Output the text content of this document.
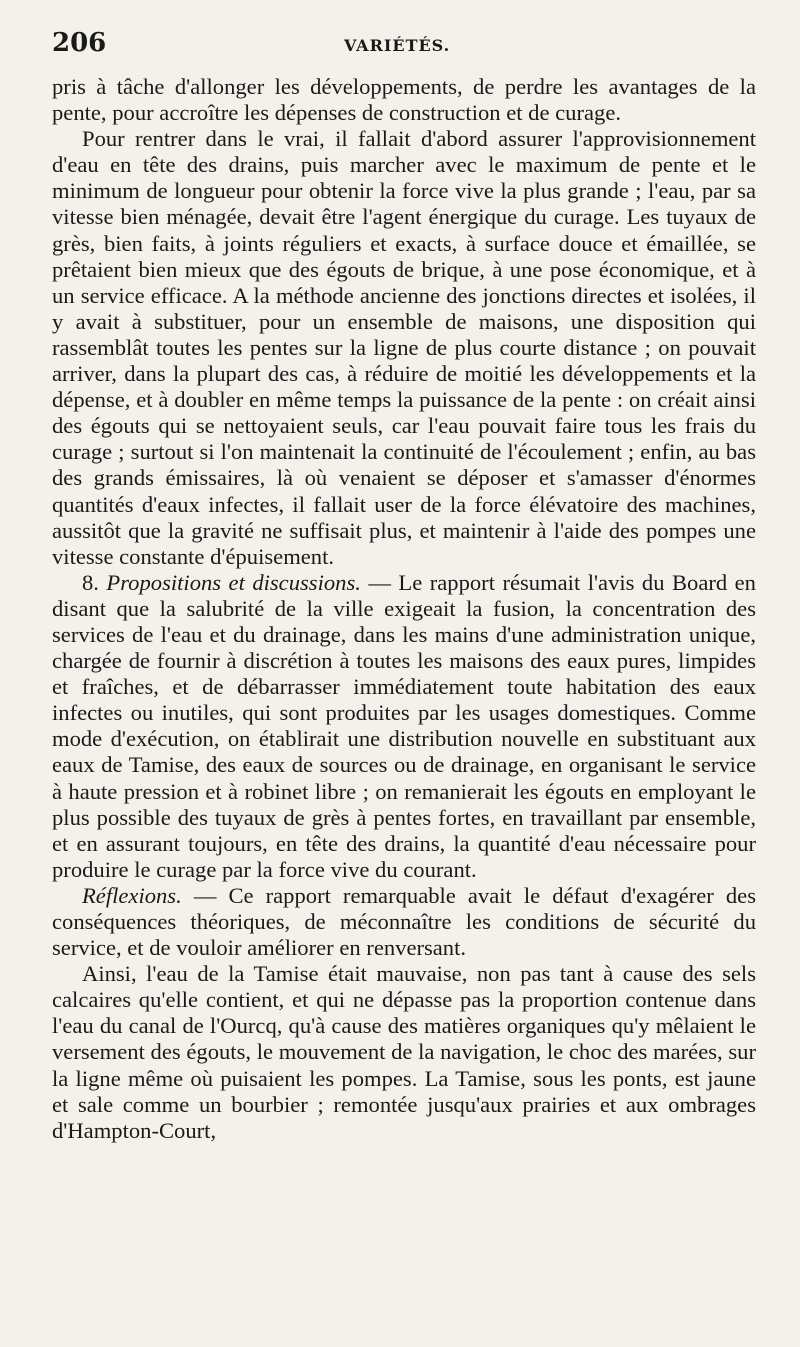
206	VARIÉTÉS.

pris à tâche d'allonger les développements, de perdre les avantages de la pente, pour accroître les dépenses de construction et de curage.

Pour rentrer dans le vrai, il fallait d'abord assurer l'approvisionnement d'eau en tête des drains, puis marcher avec le maximum de pente et le minimum de longueur pour obtenir la force vive la plus grande ; l'eau, par sa vitesse bien ménagée, devait être l'agent énergique du curage. Les tuyaux de grès, bien faits, à joints réguliers et exacts, à surface douce et émaillée, se prêtaient bien mieux que des égouts de brique, à une pose économique, et à un service efficace. A la méthode ancienne des jonctions directes et isolées, il y avait à substituer, pour un ensemble de maisons, une disposition qui rassemblât toutes les pentes sur la ligne de plus courte distance ; on pouvait arriver, dans la plupart des cas, à réduire de moitié les développements et la dépense, et à doubler en même temps la puissance de la pente : on créait ainsi des égouts qui se nettoyaient seuls, car l'eau pouvait faire tous les frais du curage ; surtout si l'on maintenait la continuité de l'écoulement ; enfin, au bas des grands émissaires, là où venaient se déposer et s'amasser d'énormes quantités d'eaux infectes, il fallait user de la force élévatoire des machines, aussitôt que la gravité ne suffisait plus, et maintenir à l'aide des pompes une vitesse constante d'épuisement.

8. Propositions et discussions. — Le rapport résumait l'avis du Board en disant que la salubrité de la ville exigeait la fusion, la concentration des services de l'eau et du drainage, dans les mains d'une administration unique, chargée de fournir à discrétion à toutes les maisons des eaux pures, limpides et fraîches, et de débarrasser immédiatement toute habitation des eaux infectes ou inutiles, qui sont produites par les usages domestiques. Comme mode d'exécution, on établirait une distribution nouvelle en substituant aux eaux de Tamise, des eaux de sources ou de drainage, en organisant le service à haute pression et à robinet libre ; on remanierait les égouts en employant le plus possible des tuyaux de grès à pentes fortes, en travaillant par ensemble, et en assurant toujours, en tête des drains, la quantité d'eau nécessaire pour produire le curage par la force vive du courant.

Réflexions. — Ce rapport remarquable avait le défaut d'exagérer des conséquences théoriques, de méconnaître les conditions de sécurité du service, et de vouloir améliorer en renversant.

Ainsi, l'eau de la Tamise était mauvaise, non pas tant à cause des sels calcaires qu'elle contient, et qui ne dépasse pas la proportion contenue dans l'eau du canal de l'Ourcq, qu'à cause des matières organiques qu'y mêlaient le versement des égouts, le mouvement de la navigation, le choc des marées, sur la ligne même où puisaient les pompes. La Tamise, sous les ponts, est jaune et sale comme un bourbier ; remontée jusqu'aux prairies et aux ombrages d'Hampton-Court,
